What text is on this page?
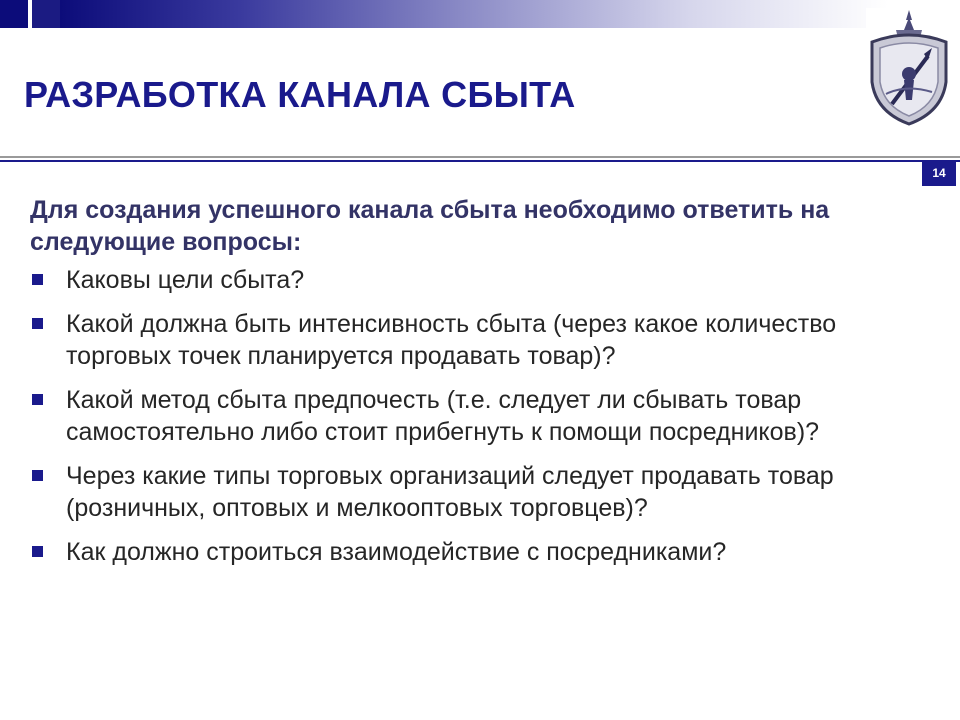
РАЗРАБОТКА КАНАЛА СБЫТА
14

Для создания успешного канала сбыта необходимо ответить на следующие вопросы:

Каковы цели сбыта?
Какой должна быть интенсивность сбыта (через какое количество торговых точек планируется продавать товар)?
Какой метод сбыта предпочесть (т.е. следует ли сбывать товар самостоятельно либо стоит прибегнуть к помощи посредников)?
Через какие типы торговых организаций следует продавать товар (розничных, оптовых и мелкооптовых торговцев)?
Как должно строиться взаимодействие с посредниками?
